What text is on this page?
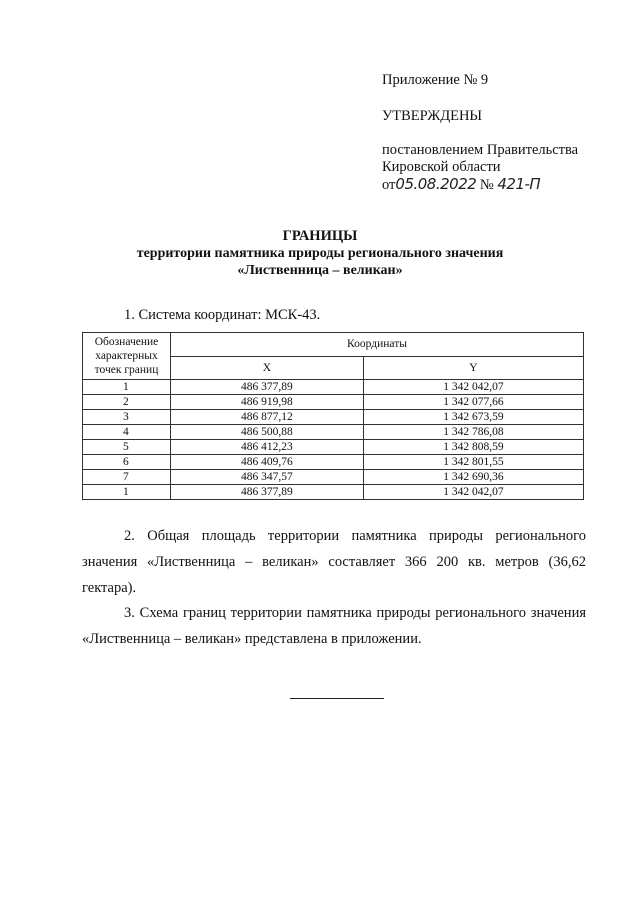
Приложение № 9
УТВЕРЖДЕНЫ
постановлением Правительства
Кировской области
от05.08.2022 № 421-П
ГРАНИЦЫ
территории памятника природы регионального значения
«Лиственница – великан»
1. Система координат: МСК-43.
Обозначение характерных точек границ	Координаты	
	X	Y
1	486 377,89	1 342 042,07
2	486 919,98	1 342 077,66
3	486 877,12	1 342 673,59
4	486 500,88	1 342 786,08
5	486 412,23	1 342 808,59
6	486 409,76	1 342 801,55
7	486 347,57	1 342 690,36
1	486 377,89	1 342 042,07
2. Общая площадь территории памятника природы регионального значения «Лиственница – великан» составляет 366 200 кв. метров (36,62 гектара).
3. Схема границ территории памятника природы регионального значения «Лиственница – великан» представлена в приложении.
